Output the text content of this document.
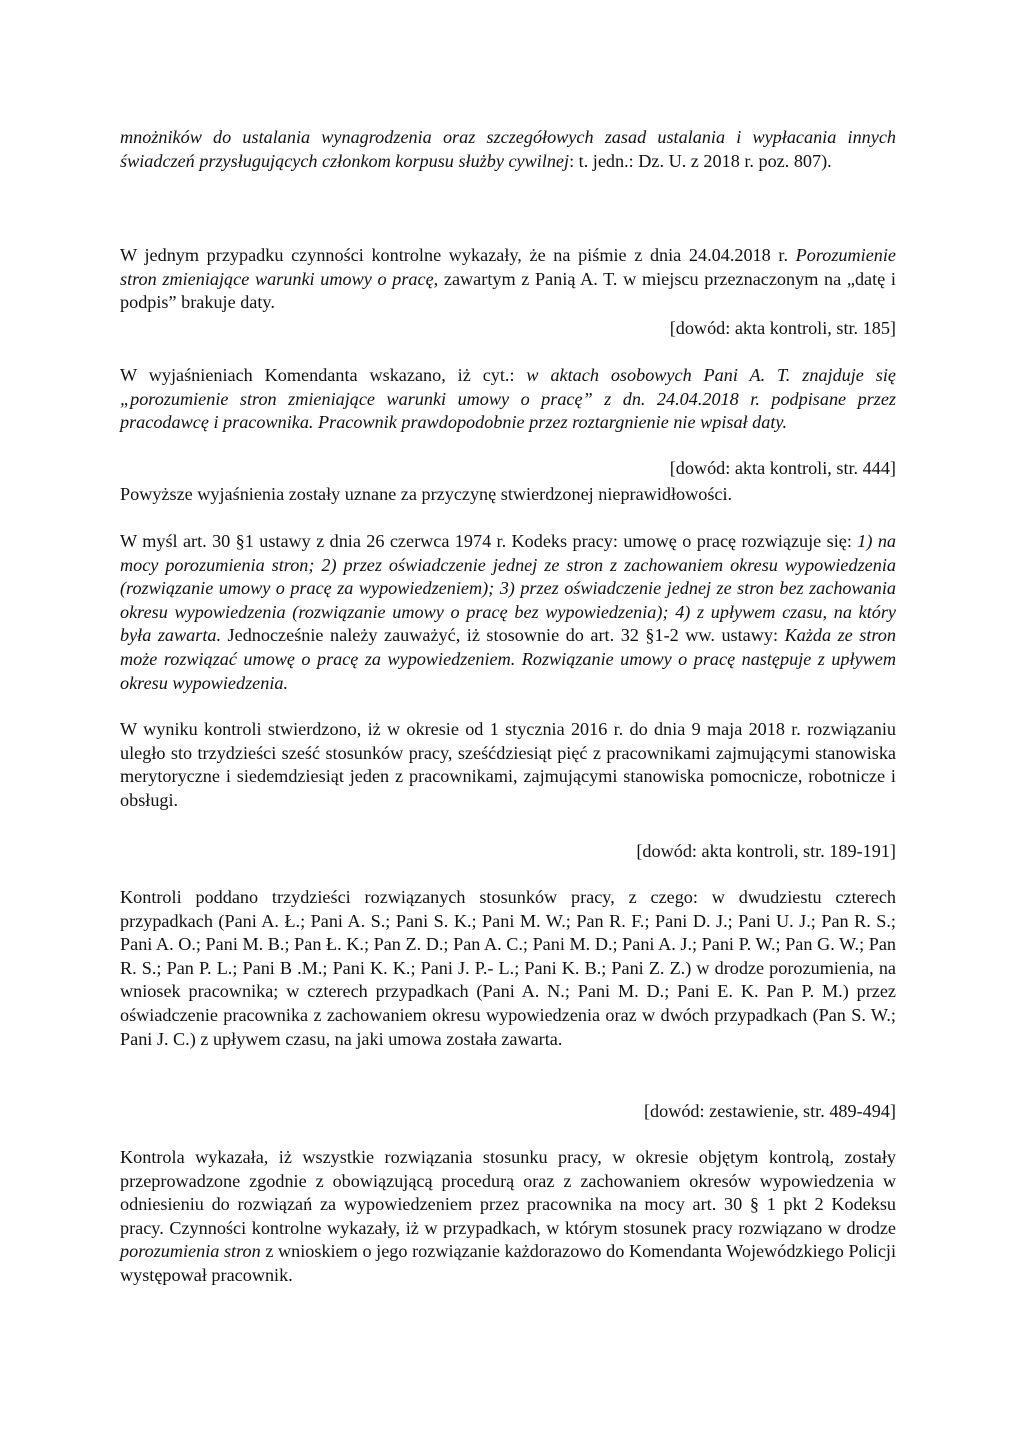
mnożników do ustalania wynagrodzenia oraz szczegółowych zasad ustalania i wypłacania innych świadczeń przysługujących członkom korpusu służby cywilnej: t. jedn.: Dz. U. z 2018 r. poz. 807).

W jednym przypadku czynności kontrolne wykazały, że na piśmie z dnia 24.04.2018 r. Porozumienie stron zmieniające warunki umowy o pracę, zawartym z Panią A. T. w miejscu przeznaczonym na „datę i podpis” brakuje daty.

[dowód: akta kontroli, str. 185]

W wyjaśnieniach Komendanta wskazano, iż cyt.: w aktach osobowych Pani A. T. znajduje się „porozumienie stron zmieniające warunki umowy o pracę” z dn. 24.04.2018 r. podpisane przez pracodawcę i pracownika. Pracownik prawdopodobnie przez roztargnienie nie wpisał daty.

[dowód: akta kontroli, str. 444]

Powyższe wyjaśnienia zostały uznane za przyczynę stwierdzonej nieprawidłowości.

W myśl art. 30 §1 ustawy z dnia 26 czerwca 1974 r. Kodeks pracy: umowę o pracę rozwiązuje się: 1) na mocy porozumienia stron; 2) przez oświadczenie jednej ze stron z zachowaniem okresu wypowiedzenia (rozwiązanie umowy o pracę za wypowiedzeniem); 3) przez oświadczenie jednej ze stron bez zachowania okresu wypowiedzenia (rozwiązanie umowy o pracę bez wypowiedzenia); 4) z upływem czasu, na który była zawarta. Jednocześnie należy zauważyć, iż stosownie do art. 32 §1-2 ww. ustawy: Każda ze stron może rozwiązać umowę o pracę za wypowiedzeniem. Rozwiązanie umowy o pracę następuje z upływem okresu wypowiedzenia.

W wyniku kontroli stwierdzono, iż w okresie od 1 stycznia 2016 r. do dnia 9 maja 2018 r. rozwiązaniu uległo sto trzydzieści sześć stosunków pracy, sześćdziesiąt pięć z pracownikami zajmującymi stanowiska merytoryczne i siedemdziesiąt jeden z pracownikami, zajmującymi stanowiska pomocnicze, robotnicze i obsługi.

[dowód: akta kontroli, str. 189-191]

Kontroli poddano trzydzieści rozwiązanych stosunków pracy, z czego: w dwudziestu czterech przypadkach (Pani A. Ł.; Pani A. S.; Pani S. K.; Pani M. W.; Pan R. F.; Pani D. J.; Pani U. J.; Pan R. S.; Pani A. O.; Pani M. B.; Pan Ł. K.; Pan Z. D.; Pan A. C.; Pani M. D.; Pani A. J.; Pani P. W.; Pan G. W.; Pan R. S.; Pan P. L.; Pani B .M.; Pani K. K.; Pani J. P.- L.; Pani K. B.; Pani Z. Z.) w drodze porozumienia, na wniosek pracownika; w czterech przypadkach (Pani A. N.; Pani M. D.; Pani E. K. Pan P. M.) przez oświadczenie pracownika z zachowaniem okresu wypowiedzenia oraz w dwóch przypadkach (Pan S. W.; Pani J. C.) z upływem czasu, na jaki umowa została zawarta.

[dowód: zestawienie, str. 489-494]

Kontrola wykazała, iż wszystkie rozwiązania stosunku pracy, w okresie objętym kontrolą, zostały przeprowadzone zgodnie z obowiązującą procedurą oraz z zachowaniem okresów wypowiedzenia w odniesieniu do rozwiązań za wypowiedzeniem przez pracownika na mocy art. 30 § 1 pkt 2 Kodeksu pracy. Czynności kontrolne wykazały, iż w przypadkach, w którym stosunek pracy rozwiązano w drodze porozumienia stron z wnioskiem o jego rozwiązanie każdorazowo do Komendanta Wojewódzkiego Policji występował pracownik.
